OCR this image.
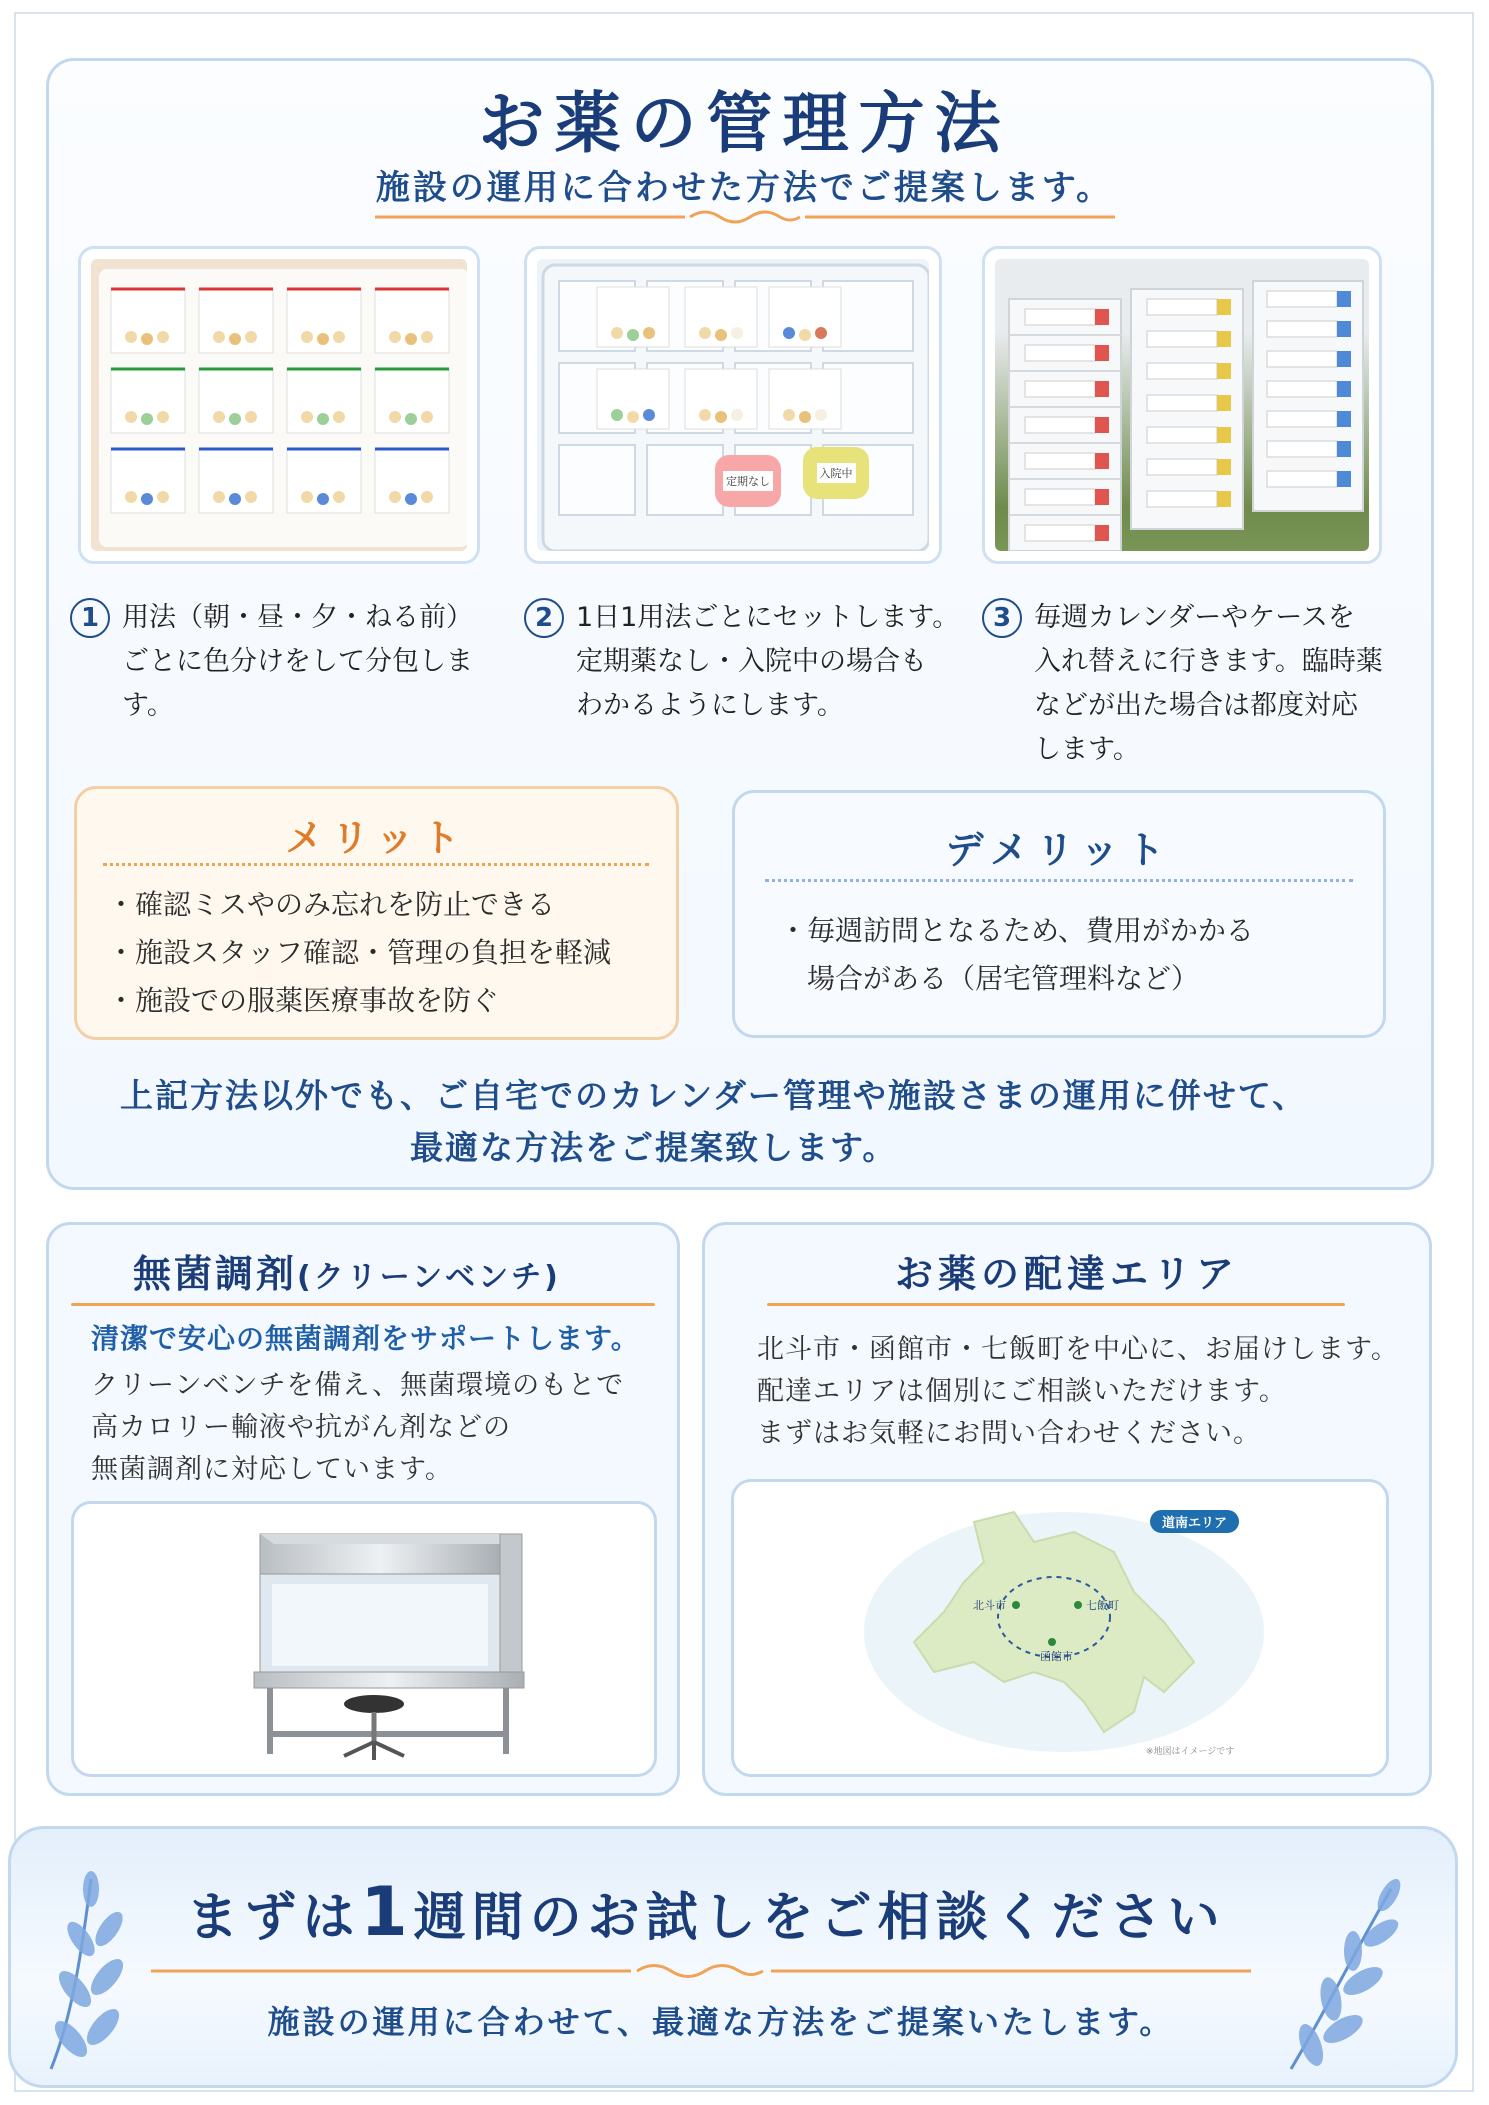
お薬の管理方法
施設の運用に合わせた方法でご提案します。
定期なし
入院中
1 用法（朝・昼・夕・ねる前）
ごとに色分けをして分包します。
2 1日1用法ごとにセットします。
定期薬なし・入院中の場合も
わかるようにします。
3 毎週カレンダーやケースを
入れ替えに行きます。臨時薬
などが出た場合は都度対応
します。
メリット
・確認ミスやのみ忘れを防止できる
・施設スタッフ確認・管理の負担を軽減
・施設での服薬医療事故を防ぐ
デメリット
・毎週訪問となるため、費用がかかる
　場合がある（居宅管理料など）
上記方法以外でも、ご自宅でのカレンダー管理や施設さまの運用に併せて、
最適な方法をご提案致します。
無菌調剤(クリーンベンチ)
清潔で安心の無菌調剤をサポートします。
クリーンベンチを備え、無菌環境のもとで
高カロリー輸液や抗がん剤などの
無菌調剤に対応しています。
お薬の配達エリア
北斗市・函館市・七飯町を中心に、お届けします。
配達エリアは個別にご相談いただけます。
まずはお気軽にお問い合わせください。
北斗市	七飯町
函館市
道南エリア
※地図はイメージです
まずは1週間のお試しをご相談ください
施設の運用に合わせて、最適な方法をご提案いたします。
